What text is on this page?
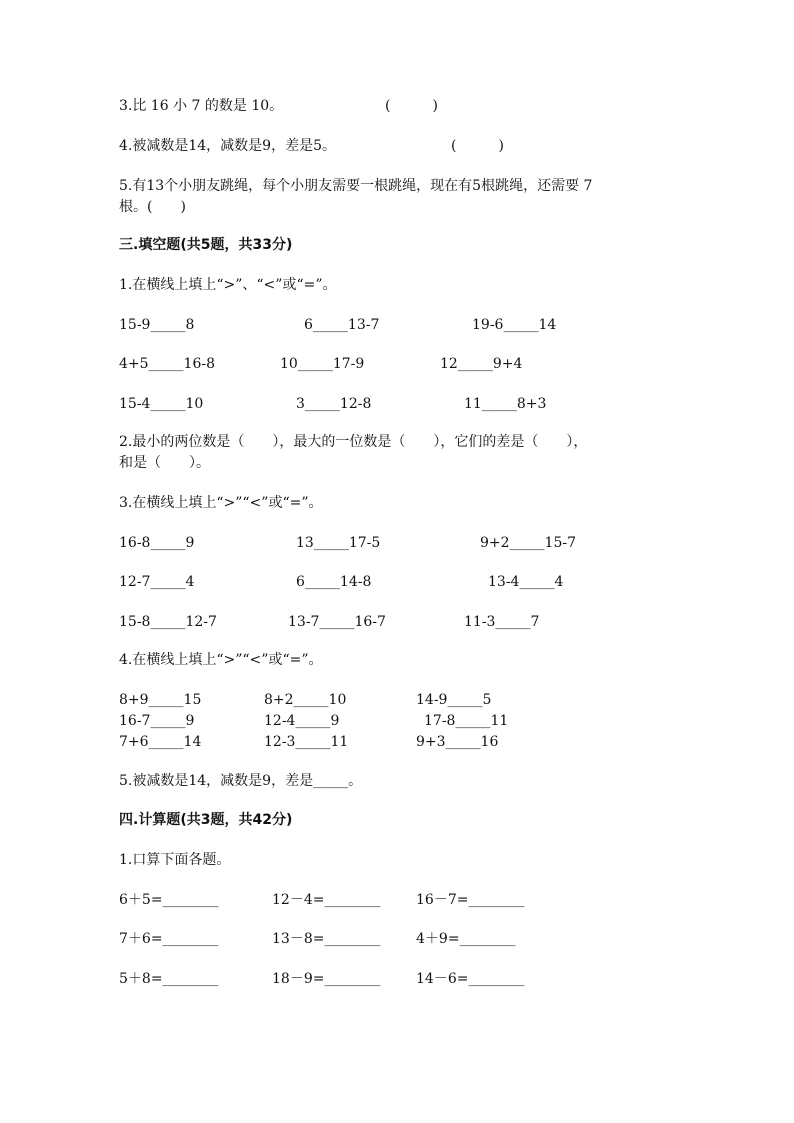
3.比 16 小 7 的数是 10。	(　　　)
4.被减数是14，减数是9，差是5。	(　　　)
5.有13个小朋友跳绳，每个小朋友需要一根跳绳，现在有5根跳绳，还需要 7
根。(　　)
三.填空题(共5题，共33分)
1.在横线上填上“>”、“<”或“=”。
15-9_____8	6_____13-7	19-6_____14
4+5_____16-8	10_____17-9	12_____9+4
15-4_____10	3_____12-8	11_____8+3
2.最小的两位数是（　　），最大的一位数是（　　），它们的差是（　　），
和是（　　）。
3.在横线上填上“>”“<”或“=”。
16-8_____9	13_____17-5	9+2_____15-7
12-7_____4	6_____14-8	13-4_____4
15-8_____12-7	13-7_____16-7	11-3_____7
4.在横线上填上“>”“<”或“=”。
8+9_____15	8+2_____10	14-9_____5
16-7_____9	12-4_____9	17-8_____11
7+6_____14	12-3_____11	9+3_____16
5.被减数是14，减数是9，差是_____。
四.计算题(共3题，共42分)
1.口算下面各题。
6＋5=________	12－4=________	16－7=________
7＋6=________	13－8=________	4＋9=________
5＋8=________	18－9=________	14－6=________
